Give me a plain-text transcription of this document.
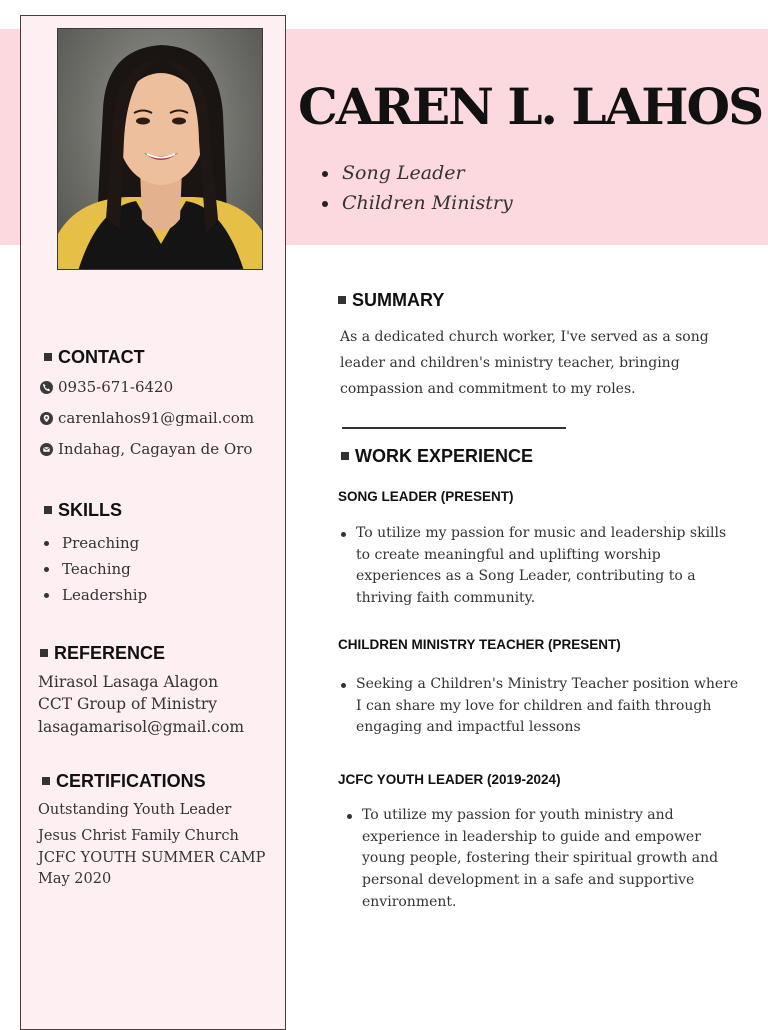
CAREN L. LAHOS
Song Leader
Children Ministry
CONTACT
0935-671-6420
carenlahos91@gmail.com
Indahag, Cagayan de Oro
SKILLS
Preaching
Teaching
Leadership
REFERENCE
Mirasol Lasaga Alagon
CCT Group of Ministry
lasagamarisol@gmail.com
CERTIFICATIONS
Outstanding Youth Leader
Jesus Christ Family Church
JCFC YOUTH SUMMER CAMP
May 2020
SUMMARY
As a dedicated church worker, I've served as a song
leader and children's ministry teacher, bringing
compassion and commitment to my roles.
WORK EXPERIENCE
SONG LEADER (PRESENT)
To utilize my passion for music and leadership skills
to create meaningful and uplifting worship
experiences as a Song Leader, contributing to a
thriving faith community.
CHILDREN MINISTRY TEACHER (PRESENT)
Seeking a Children's Ministry Teacher position where
I can share my love for children and faith through
engaging and impactful lessons
JCFC YOUTH LEADER (2019-2024)
To utilize my passion for youth ministry and
experience in leadership to guide and empower
young people, fostering their spiritual growth and
personal development in a safe and supportive
environment.
